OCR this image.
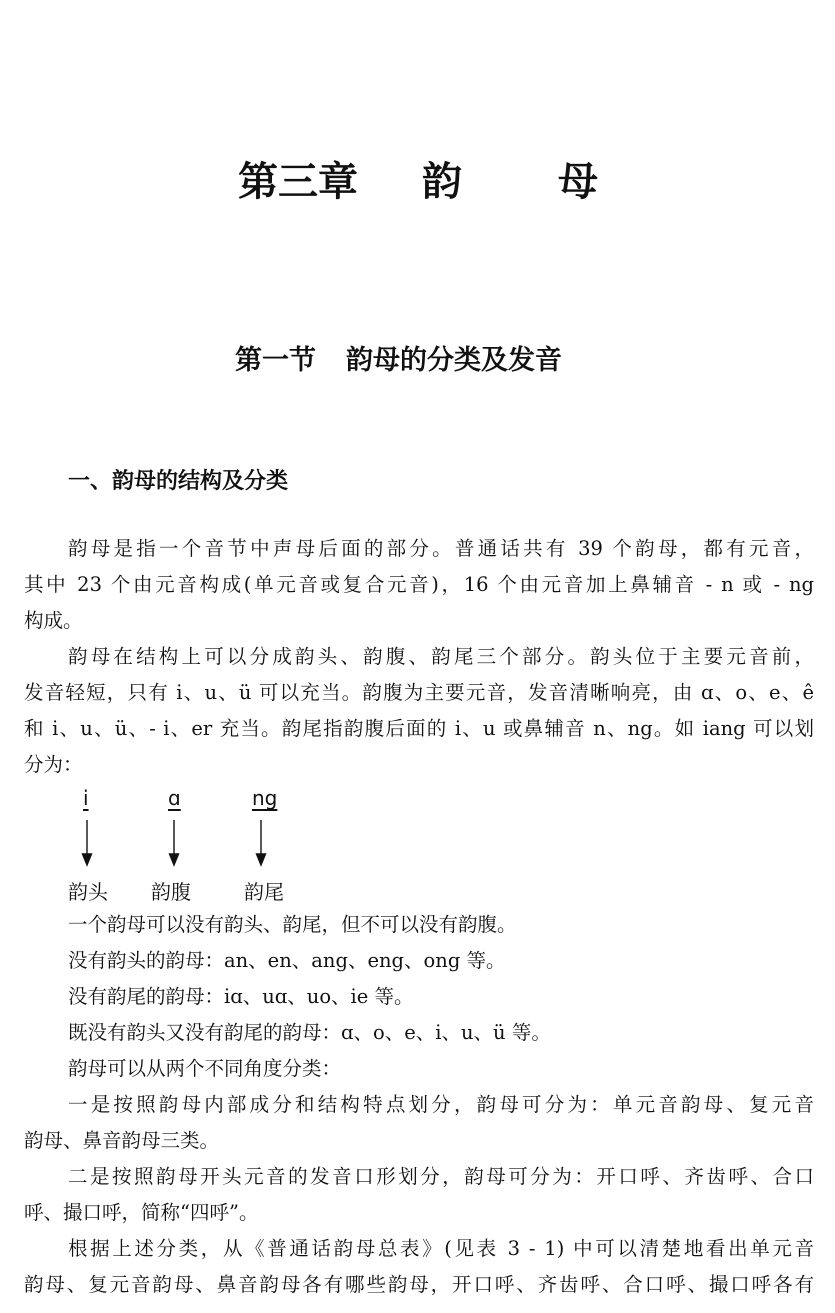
第三章 韵 母
第一节 韵母的分类及发音
一、韵母的结构及分类
韵母是指一个音节中声母后面的部分。普通话共有 39 个韵母，都有元音，
其中 23 个由元音构成(单元音或复合元音)，16 个由元音加上鼻辅音 - n 或 - ng
构成。
韵母在结构上可以分成韵头、韵腹、韵尾三个部分。韵头位于主要元音前，
发音轻短，只有 i、u、ü 可以充当。韵腹为主要元音，发音清晰响亮，由 ɑ、o、e、ê
和 i、u、ü、- i、er 充当。韵尾指韵腹后面的 i、u 或鼻辅音 n、ng。如 iang 可以划
分为：
i	ɑ	ng
韵头 韵腹	韵尾
一个韵母可以没有韵头、韵尾，但不可以没有韵腹。
没有韵头的韵母：an、en、ang、eng、ong 等。
没有韵尾的韵母：iɑ、uɑ、uo、ie 等。
既没有韵头又没有韵尾的韵母：ɑ、o、e、i、u、ü 等。
韵母可以从两个不同角度分类：
一是按照韵母内部成分和结构特点划分，韵母可分为：单元音韵母、复元音
韵母、鼻音韵母三类。
二是按照韵母开头元音的发音口形划分，韵母可分为：开口呼、齐齿呼、合口
呼、撮口呼，简称“四呼”。
根据上述分类，从《普通话韵母总表》(见表 3 - 1) 中可以清楚地看出单元音
韵母、复元音韵母、鼻音韵母各有哪些韵母，开口呼、齐齿呼、合口呼、撮口呼各有
